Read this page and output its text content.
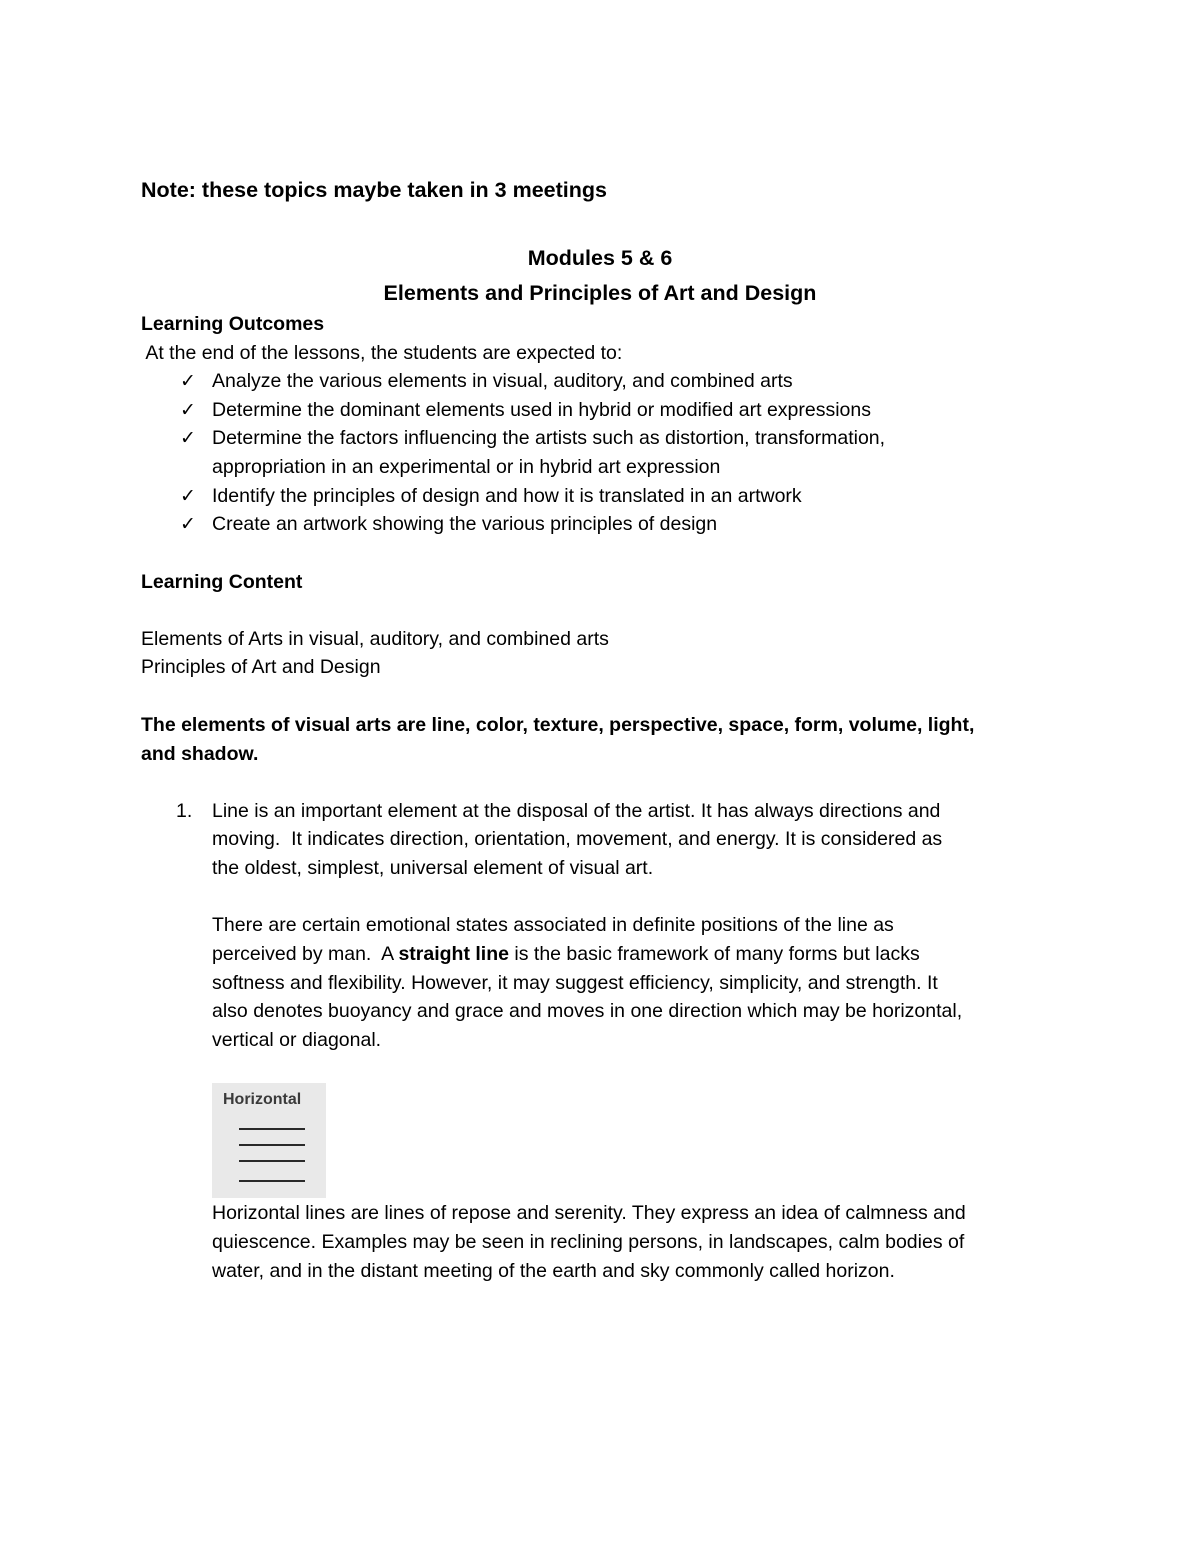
Note: these topics maybe taken in 3 meetings
Modules 5 & 6
Elements and Principles of Art and Design
Learning Outcomes
At the end of the lessons, the students are expected to:
✓ Analyze the various elements in visual, auditory, and combined arts
✓ Determine the dominant elements used in hybrid or modified art expressions
✓ Determine the factors influencing the artists such as distortion, transformation,
appropriation in an experimental or in hybrid art expression
✓ Identify the principles of design and how it is translated in an artwork
✓ Create an artwork showing the various principles of design
Learning Content
Elements of Arts in visual, auditory, and combined arts
Principles of Art and Design
The elements of visual arts are line, color, texture, perspective, space, form, volume, light,
and shadow.
1. Line is an important element at the disposal of the artist. It has always directions and
moving.  It indicates direction, orientation, movement, and energy. It is considered as
the oldest, simplest, universal element of visual art.
There are certain emotional states associated in definite positions of the line as
perceived by man.  A straight line is the basic framework of many forms but lacks
softness and flexibility. However, it may suggest efficiency, simplicity, and strength. It
also denotes buoyancy and grace and moves in one direction which may be horizontal,
vertical or diagonal.
Horizontal
Horizontal lines are lines of repose and serenity. They express an idea of calmness and
quiescence. Examples may be seen in reclining persons, in landscapes, calm bodies of
water, and in the distant meeting of the earth and sky commonly called horizon.
